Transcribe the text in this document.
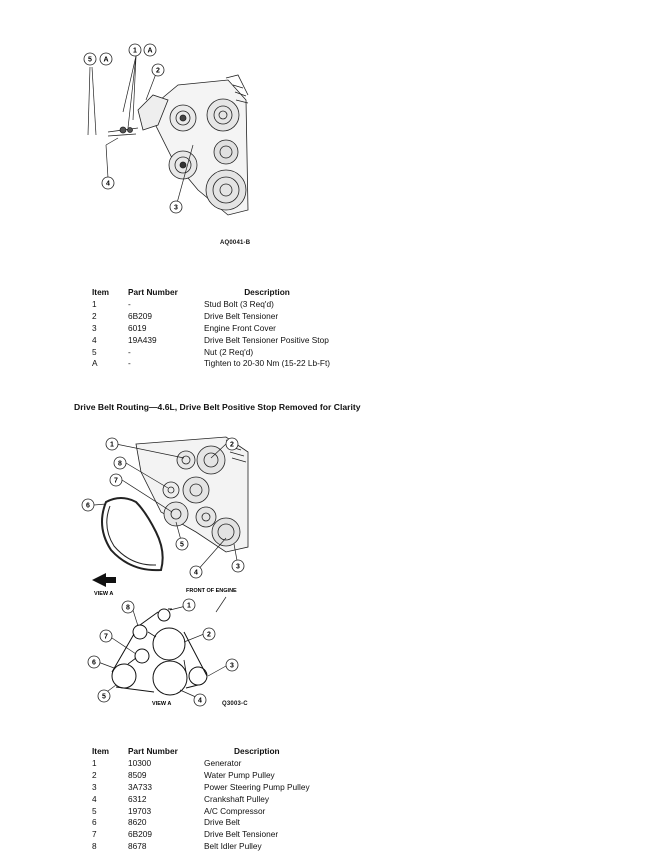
5 A
1 A
2
4
3
AQ0041-B
Item	Part Number	Description
1	-	Stud Bolt (3 Req'd)
2	6B209	Drive Belt Tensioner
3	6019	Engine Front Cover
4	19A439	Drive Belt Tensioner Positive Stop
5	-	Nut (2 Req'd)
A	-	Tighten to 20-30 Nm (15-22 Lb-Ft)
Drive Belt Routing—4.6L, Drive Belt Positive Stop Removed for Clarity
VIEW A	FRONT OF ENGINE
1	2
8
7
6
5
4
3
8	1
2
7
6	3
5
4
VIEW A	Q3003-C
Item	Part Number	Description
1	10300	Generator
2	8509	Water Pump Pulley
3	3A733	Power Steering Pump Pulley
4	6312	Crankshaft Pulley
5	19703	A/C Compressor
6	8620	Drive Belt
7	6B209	Drive Belt Tensioner
8	8678	Belt Idler Pulley
